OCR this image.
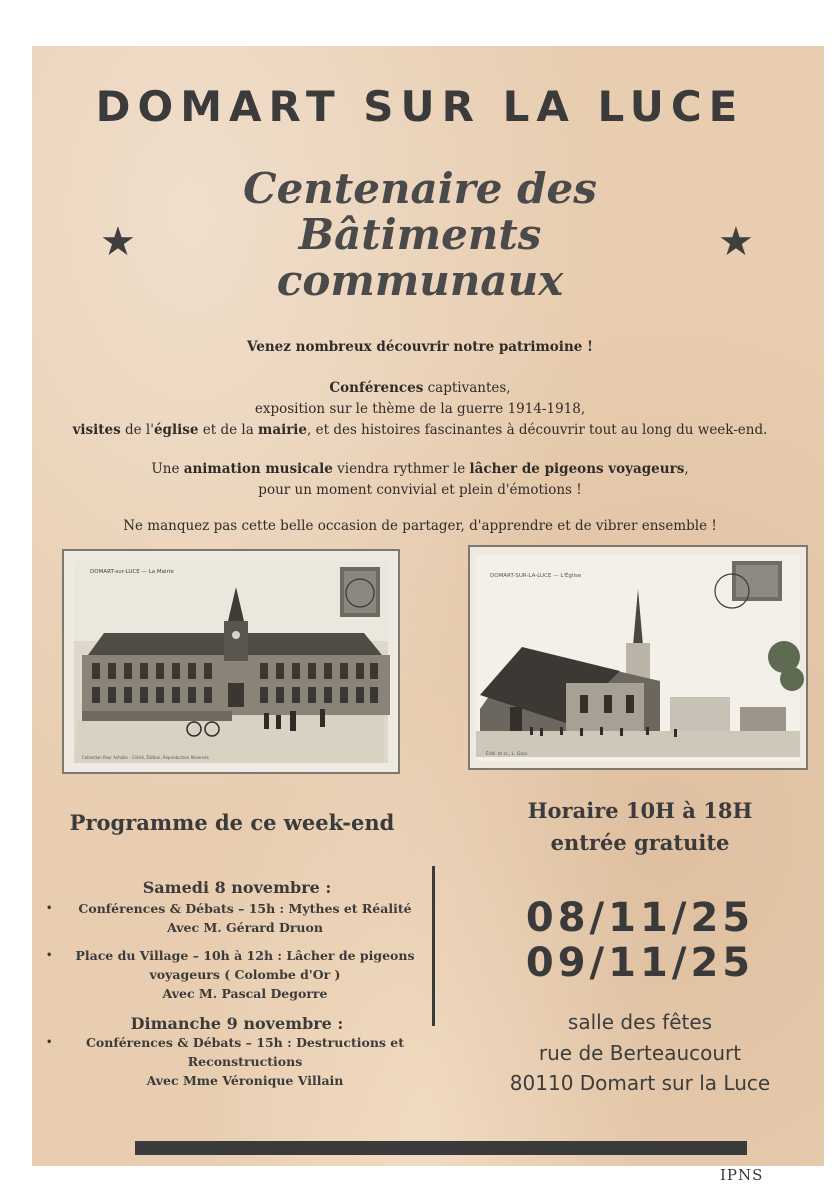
DOMART SUR LA LUCE
★	★
Centenaire des
Bâtiments
communaux
Venez nombreux découvrir notre patrimoine !
Conférences captivantes,
exposition sur le thème de la guerre 1914-1918,
visites de l'église et de la mairie, et des histoires fascinantes à découvrir tout au long du week-end.
Une animation musicale viendra rythmer le lâcher de pigeons voyageurs,
pour un moment convivial et plein d'émotions !
Ne manquez pas cette belle occasion de partager, d'apprendre et de vibrer ensemble !
DOMART-sur-LUCE — La Mairie
Collection Pour Achalia - Cliché, Édition, Reproduction Réservés
DOMART-SUR-LA-LUCE — L'Église
Édit. et cl., L. Goix
Programme de ce week-end	Horaire 10H à 18H
entrée gratuite
Samedi 8 novembre :
•	Conférences & Débats – 15h : Mythes et Réalité
Avec M. Gérard Druon
•	Place du Village – 10h à 12h : Lâcher de pigeons
voyageurs ( Colombe d'Or )
Avec M. Pascal Degorre
Dimanche 9 novembre :
•	Conférences & Débats – 15h : Destructions et
Reconstructions
Avec Mme Véronique Villain
08/11/25
09/11/25
salle des fêtes
rue de Berteaucourt
80110 Domart sur la Luce
IPNS
